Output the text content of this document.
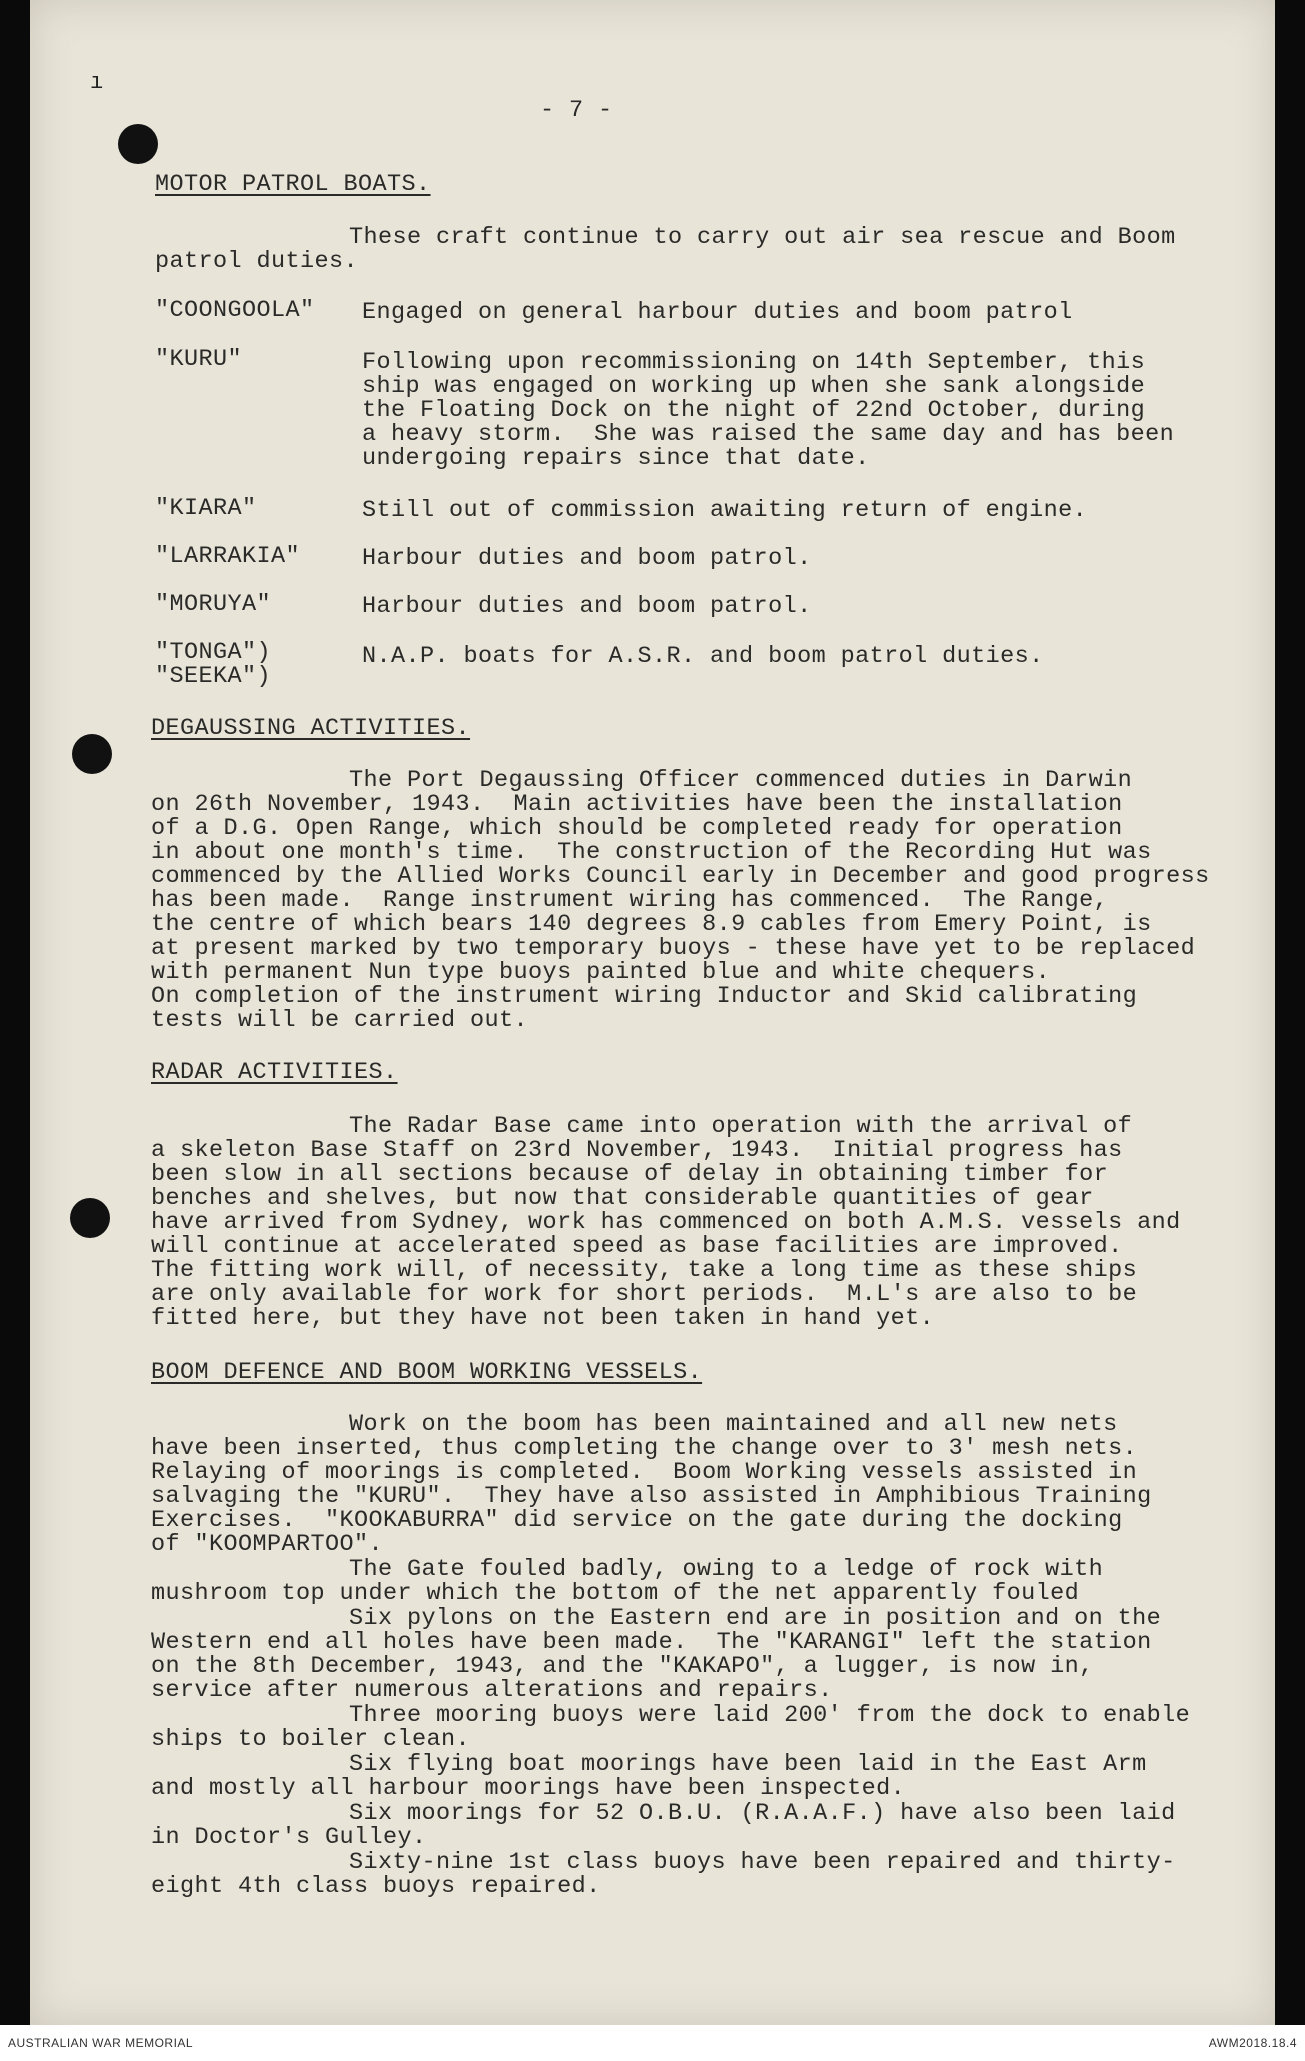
ı

- 7 -

MOTOR PATROL BOATS.

These craft continue to carry out air sea rescue and Boom

patrol duties.

"COONGOOLA"

Engaged on general harbour duties and boom patrol

"KURU"

	Following upon recommissioning on 14th September, this

ship was engaged on working up when she sank alongside

the Floating Dock on the night of 22nd October, during

a heavy storm.  She was raised the same day and has been

undergoing repairs since that date.

"KIARA"

	Still out of commission awaiting return of engine.

"LARRAKIA"

	Harbour duties and boom patrol.

"MORUYA"

	Harbour duties and boom patrol.

"TONGA")

"SEEKA")

N.A.P. boats for A.S.R. and boom patrol duties.

DEGAUSSING ACTIVITIES.

The Port Degaussing Officer commenced duties in Darwin

on 26th November, 1943.  Main activities have been the installation

of a D.G. Open Range, which should be completed ready for operation

in about one month's time.  The construction of the Recording Hut was

commenced by the Allied Works Council early in December and good progress

has been made.  Range instrument wiring has commenced.  The Range,

the centre of which bears 140 degrees 8.9 cables from Emery Point, is

at present marked by two temporary buoys - these have yet to be replaced

with permanent Nun type buoys painted blue and white chequers.

On completion of the instrument wiring Inductor and Skid calibrating

tests will be carried out.

RADAR ACTIVITIES.

The Radar Base came into operation with the arrival of

a skeleton Base Staff on 23rd November, 1943.  Initial progress has

been slow in all sections because of delay in obtaining timber for

benches and shelves, but now that considerable quantities of gear

have arrived from Sydney, work has commenced on both A.M.S. vessels and

will continue at accelerated speed as base facilities are improved.

The fitting work will, of necessity, take a long time as these ships

are only available for work for short periods.  M.L's are also to be

fitted here, but they have not been taken in hand yet.

BOOM DEFENCE AND BOOM WORKING VESSELS.

Work on the boom has been maintained and all new nets

have been inserted, thus completing the change over to 3' mesh nets.

Relaying of moorings is completed.  Boom Working vessels assisted in

salvaging the "KURU".  They have also assisted in Amphibious Training

Exercises.  "KOOKABURRA" did service on the gate during the docking

of "KOOMPARTOO".

The Gate fouled badly, owing to a ledge of rock with

mushroom top under which the bottom of the net apparently fouled

Six pylons on the Eastern end are in position and on the

Western end all holes have been made.  The "KARANGI" left the station

on the 8th December, 1943, and the "KAKAPO", a lugger, is now in,

service after numerous alterations and repairs.

Three mooring buoys were laid 200' from the dock to enable

ships to boiler clean.

Six flying boat moorings have been laid in the East Arm

and mostly all harbour moorings have been inspected.

Six moorings for 52 O.B.U. (R.A.A.F.) have also been laid

in Doctor's Gulley.

Sixty-nine 1st class buoys have been repaired and thirty-

eight 4th class buoys repaired.

AUSTRALIAN WAR MEMORIAL	AWM2018.18.4
